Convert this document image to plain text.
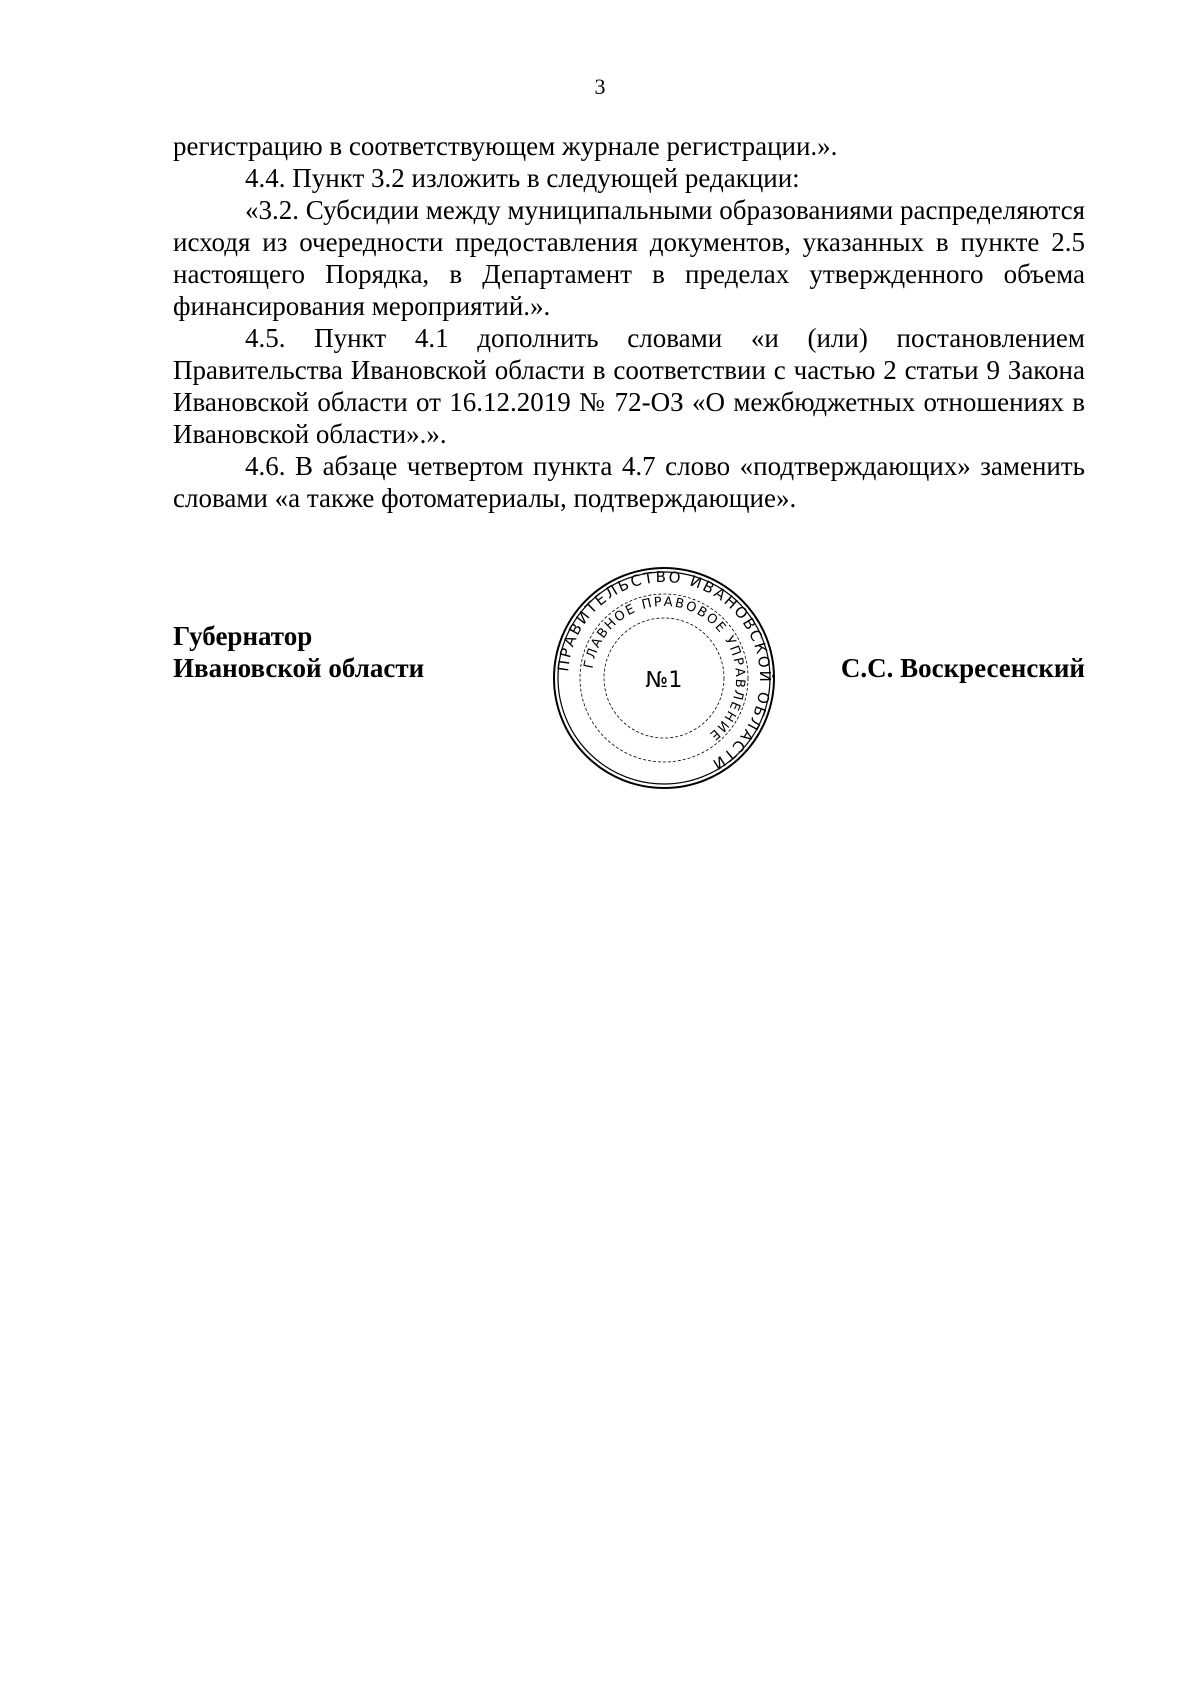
3

регистрацию в соответствующем журнале регистрации.».

4.4. Пункт 3.2 изложить в следующей редакции:

«3.2. Субсидии между муниципальными образованиями распределяются исходя из очередности предоставления документов, указанных в пункте 2.5 настоящего Порядка, в Департамент в пределах утвержденного объема финансирования мероприятий.».

4.5. Пункт 4.1 дополнить словами «и (или) постановлением Правительства Ивановской области в соответствии с частью 2 статьи 9 Закона Ивановской области от 16.12.2019 № 72-ОЗ «О межбюджетных отношениях в Ивановской области».».

4.6. В абзаце четвертом пункта 4.7 слово «подтверждающих» заменить словами «а также фотоматериалы, подтверждающие».

Губернатор
Ивановской области	ПРАВИТЕЛЬСТВО ИВАНОВСКОЙ ОБЛАСТИ
ГЛАВНОЕ ПРАВОВОЕ УПРАВЛЕНИЕ
№1	С.С. Воскресенский
